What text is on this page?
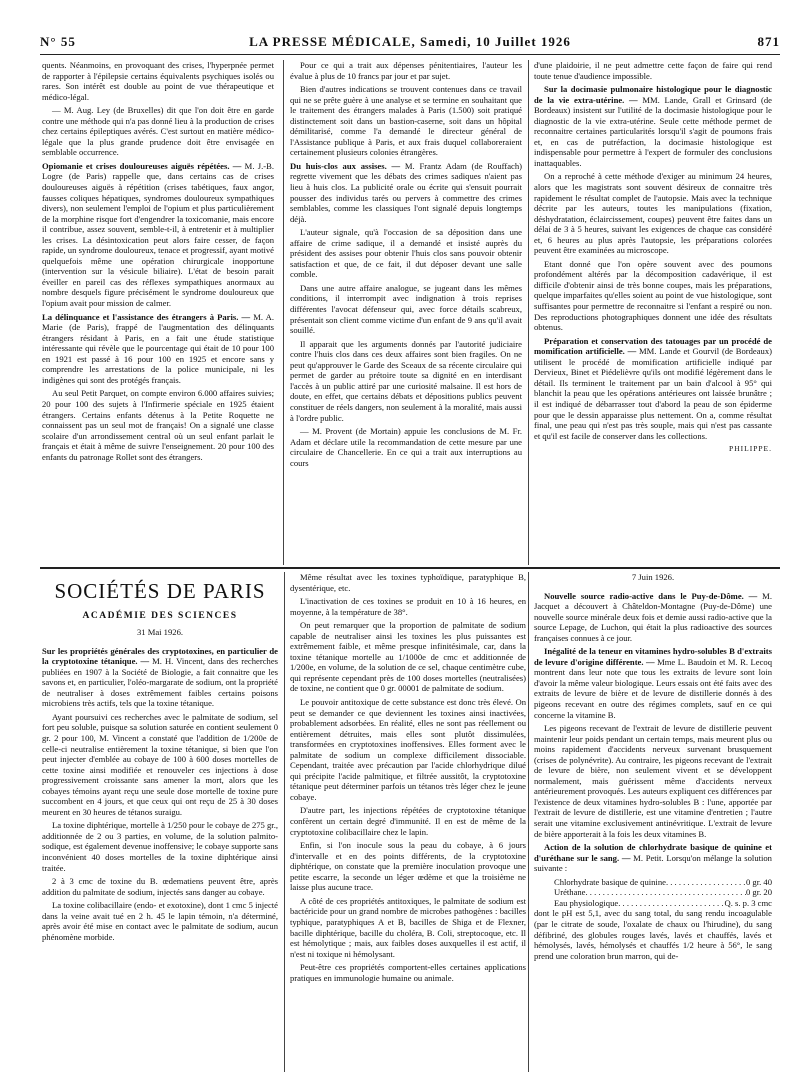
N° 55	LA PRESSE MÉDICALE, Samedi, 10 Juillet 1926	871

quents. Néanmoins, en provoquant des crises, l'hyperpnée permet de rapporter à l'épilepsie certains équivalents psychiques isolés ou rares. Son intérêt est double au point de vue thérapeutique et médico-légal.

— M. Aug. Ley (de Bruxelles) dit que l'on doit être en garde contre une méthode qui n'a pas donné lieu à la production de crises chez certains épileptiques avérés. C'est surtout en matière médico-légale que la plus grande prudence doit être envisagée en semblable occurrence.

Opiomanie et crises douloureuses aiguës répétées. — M. J.-B. Logre (de Paris) rappelle que, dans certains cas de crises douloureuses aiguës à répétition (crises tabétiques, faux angor, fausses coliques hépatiques, syndromes douloureux sympathiques divers), non seulement l'emploi de l'opium et plus particulièrement de la morphine risque fort d'engendrer la toxicomanie, mais encore il contribue, assez souvent, semble-t-il, à entretenir et à multiplier les crises. La désintoxication peut alors faire cesser, de façon rapide, un syndrome douloureux, tenace et progressif, ayant motivé quelquefois même une opération chirurgicale inopportune (intervention sur la vésicule biliaire). L'état de besoin parait éveiller en pareil cas des réflexes sympathiques anormaux au nombre desquels figure précisément le syndrome douloureux que l'opium avait pour mission de calmer.

La délinquance et l'assistance des étrangers à Paris. — M. A. Marie (de Paris), frappé de l'augmentation des délinquants étrangers résidant à Paris, en a fait une étude statistique intéressante qui révèle que le pourcentage qui était de 10 pour 100 en 1921 est passé à 16 pour 100 en 1925 et encore sans y comprendre les arrestations de la police municipale, ni les indigènes qui sont des protégés français.

Au seul Petit Parquet, on compte environ 6.000 affaires suivies; 20 pour 100 des sujets à l'Infirmerie spéciale en 1925 étaient étrangers. Certains enfants détenus à la Petite Roquette ne connaissent pas un seul mot de français! On a signalé une classe scolaire d'un arrondissement central où un seul enfant parlait le français et était à même de suivre l'enseignement. 20 pour 100 des enfants du patronage Rollet sont des étrangers.

Pour ce qui a trait aux dépenses pénitentiaires, l'auteur les évalue à plus de 10 francs par jour et par sujet.

Bien d'autres indications se trouvent contenues dans ce travail qui ne se prête guère à une analyse et se termine en souhaitant que le traitement des étrangers malades à Paris (1.500) soit pratiqué distinctement soit dans un bastion-caserne, soit dans un hôpital démilitarisé, comme l'a demandé le directeur général de l'Assistance publique à Paris, et aux frais duquel collaboreraient certainement plusieurs colonies étrangères.

Du huis-clos aux assises. — M. Frantz Adam (de Rouffach) regrette vivement que les débats des crimes sadiques n'aient pas lieu à huis clos. La publicité orale ou écrite qui s'ensuit pourrait pousser des individus tarés ou pervers à commettre des crimes semblables, comme les classiques l'ont signalé depuis longtemps déjà.

L'auteur signale, qu'à l'occasion de sa déposition dans une affaire de crime sadique, il a demandé et insisté auprès du président des assises pour obtenir l'huis clos sans pouvoir obtenir satisfaction et que, de ce fait, il dut déposer devant une salle comble.

Dans une autre affaire analogue, se jugeant dans les mêmes conditions, il interrompit avec indignation à trois reprises différentes l'avocat défenseur qui, avec force détails scabreux, présentait son client comme victime d'un enfant de 9 ans qu'il avait souillé.

Il apparait que les arguments donnés par l'autorité judiciaire contre l'huis clos dans ces deux affaires sont bien fragiles. On ne peut qu'approuver le Garde des Sceaux de sa récente circulaire qui permet de garder au prétoire toute sa dignité en en interdisant l'accès à un public attiré par une curiosité malsaine. Il est hors de doute, en effet, que certains débats et dépositions publics peuvent constituer de réels dangers, non seulement à la moralité, mais aussi à l'ordre public.

— M. Provent (de Mortain) appuie les conclusions de M. Fr. Adam et déclare utile la recommandation de cette mesure par une circulaire de Chancellerie. En ce qui a trait aux interruptions au cours

d'une plaidoirie, il ne peut admettre cette façon de faire qui rend toute tenue d'audience impossible.

Sur la docimasie pulmonaire histologique pour le diagnostic de la vie extra-utérine. — MM. Lande, Grall et Grinsard (de Bordeaux) insistent sur l'utilité de la docimasie histologique pour le diagnostic de la vie extra-utérine. Seule cette méthode permet de reconnaitre certaines particularités lorsqu'il s'agit de poumons frais et, en cas de putréfaction, la docimasie histologique est indispensable pour permettre à l'expert de formuler des conclusions inattaquables.

On a reproché à cette méthode d'exiger au minimum 24 heures, alors que les magistrats sont souvent désireux de connaitre très rapidement le résultat complet de l'autopsie. Mais avec la technique décrite par les auteurs, toutes les manipulations (fixation, déshydratation, éclaircissement, coupes) peuvent être faites dans un délai de 3 à 5 heures, suivant les exigences de chaque cas considéré et, 6 heures au plus après l'autopsie, les préparations colorées peuvent être examinées au microscope.

Etant donné que l'on opère souvent avec des poumons profondément altérés par la décomposition cadavérique, il est difficile d'obtenir ainsi de très bonne coupes, mais les préparations, quelque imparfaites qu'elles soient au point de vue histologique, sont suffisantes pour permettre de reconnaitre si l'enfant a respiré ou non. Des reproductions photographiques donnent une idée des résultats obtenus.

Préparation et conservation des tatouages par un procédé de momification artificielle. — MM. Lande et Gourvil (de Bordeaux) utilisent le procédé de momification artificielle indiqué par Dervieux, Binet et Piédelièvre qu'ils ont modifié légèrement dans le détail. Ils terminent le traitement par un bain d'alcool à 95° qui blanchit la peau que les opérations antérieures ont laissée brunâtre ; il est indiqué de débarrasser tout d'abord la peau de son épiderme pour que le dessin apparaisse plus nettement. On a, comme résultat final, une peau qui n'est pas très souple, mais qui n'est pas cassante et qu'il est facile de conserver dans les collections.

PHILIPPE.
SOCIÉTÉS DE PARIS
ACADÉMIE DES SCIENCES
31 Mai 1926.

Sur les propriétés générales des cryptotoxines, en particulier de la cryptotoxine tétanique. — M. H. Vincent, dans des recherches publiées en 1907 à la Société de Biologie, a fait connaitre que les savons et, en particulier, l'oléo-margarate de sodium, ont la propriété de neutraliser à doses extrêmement faibles certains poisons microbiens très actifs, tels que la toxine tétanique.

Ayant poursuivi ces recherches avec le palmitate de sodium, sel fort peu soluble, puisque sa solution saturée en contient seulement 0 gr. 2 pour 100, M. Vincent a constaté que l'addition de 1/200e de celle-ci neutralise entièrement la toxine tétanique, si bien que l'on peut injecter d'emblée au cobaye de 100 à 600 doses mortelles de cette toxine ainsi modifiée et renouveler ces injections à dose progressivement croissante sans amener la mort, alors que les cobayes témoins ayant reçu une seule dose mortelle de toxine pure succombent en 4 jours, et que ceux qui ont reçu de 25 à 30 doses meurent en 30 heures de tétanos suraigu.

La toxine diphtérique, mortelle à 1/250 pour le cobaye de 275 gr., additionnée de 2 ou 3 parties, en volume, de la solution palmito-sodique, est également devenue inoffensive; le cobaye supporte sans inconvénient 40 doses mortelles de la toxine diphtérique ainsi traitée.

2 à 3 cmc de toxine du B. œdematiens peuvent être, après addition du palmitate de sodium, injectés sans danger au cobaye.

La toxine colibacillaire (endo- et exotoxine), dont 1 cmc 5 injecté dans la veine avait tué en 2 h. 45 le lapin témoin, n'a déterminé, après avoir été mise en contact avec le palmitate de sodium, aucun phénomène morbide.

Même résultat avec les toxines typhoïdique, paratyphique B, dysentérique, etc.

L'inactivation de ces toxines se produit en 10 à 16 heures, en moyenne, à la température de 38°.

On peut remarquer que la proportion de palmitate de sodium capable de neutraliser ainsi les toxines les plus puissantes est extrêmement faible, et même presque infinitésimale, car, dans la toxine tétanique mortelle au 1/1000e de cmc et additionnée de 1/200e, en volume, de la solution de ce sel, chaque centimètre cube, qui représente cependant près de 100 doses mortelles (neutralisées) de toxine, ne contient que 0 gr. 00001 de palmitate de sodium.

Le pouvoir antitoxique de cette substance est donc très élevé. On peut se demander ce que deviennent les toxines ainsi inactivées, probablement adsorbées. En réalité, elles ne sont pas réellement ou entièrement détruites, mais elles sont plutôt dissimulées, transformées en cryptotoxines inoffensives. Elles forment avec le palmitate de sodium un complexe difficilement dissociable. Cependant, traitée avec précaution par l'acide chlorhydrique dilué qui précipite l'acide palmitique, et filtrée aussitôt, la cryptotoxine tétanique peut déterminer parfois un tétanos très léger chez le jeune cobaye.

D'autre part, les injections répétées de cryptotoxine tétanique confèrent un certain degré d'immunité. Il en est de même de la cryptotoxine colibacillaire chez le lapin.

Enfin, si l'on inocule sous la peau du cobaye, à 6 jours d'intervalle et en des points différents, de la cryptotoxine diphtérique, on constate que la première inoculation provoque une petite escarre, la seconde un léger œdème et que la troisième ne laisse plus aucune trace.

A côté de ces propriétés antitoxiques, le palmitate de sodium est bactéricide pour un grand nombre de microbes pathogènes : bacilles typhique, paratyphiques A et B, bacilles de Shiga et de Flexner, bacille diphtérique, bacille du choléra, B. Coli, streptocoque, etc. Il est hémolytique ; mais, aux faibles doses auxquelles il est actif, il n'est ni toxique ni hémolysant.

Peut-être ces propriétés comportent-elles certaines applications pratiques en immunologie humaine ou animale.

7 Juin 1926.

Nouvelle source radio-active dans le Puy-de-Dôme. — M. Jacquet a découvert à Châteldon-Montagne (Puy-de-Dôme) une nouvelle source minérale deux fois et demie aussi radio-active que la source Lepage, de Luchon, qui était la plus radioactive des sources françaises connues à ce jour.

Inégalité de la teneur en vitamines hydro-solubles B d'extraits de levure d'origine différente. — Mme L. Baudoin et M. R. Lecoq montrent dans leur note que tous les extraits de levure sont loin d'avoir la même valeur biologique. Leurs essais ont été faits avec des extraits de levure de bière et de levure de distillerie donnés à des pigeons recevant en outre des régimes complets, sauf en ce qui concerne la vitamine B.

Les pigeons recevant de l'extrait de levure de distillerie peuvent maintenir leur poids pendant un certain temps, mais meurent plus ou moins rapidement d'accidents nerveux survenant brusquement (crises de polynévrite). Au contraire, les pigeons recevant de l'extrait de levure de bière, non seulement vivent et se développent normalement, mais guérissent même d'accidents nerveux antérieurement provoqués. Les auteurs expliquent ces différences par l'existence de deux vitamines hydro-solubles B : l'une, apportée par l'extrait de levure de distillerie, est une vitamine d'entretien ; l'autre serait une vitamine exclusivement antinévritique. L'extrait de levure de bière apporterait à la fois les deux vitamines B.

Action de la solution de chlorhydrate basique de quinine et d'uréthane sur le sang. — M. Petit. Lorsqu'on mélange la solution suivante :

Chlorhydrate basique de quinine . . .	0 gr. 40
Uréthane . . .	0 gr. 20
Eau physiologique . . .	Q. s. p. 3 cmc

dont le pH est 5,1, avec du sang total, du sang rendu incoagulable (par le citrate de soude, l'oxalate de chaux ou l'hirudine), du sang défibriné, des globules rouges lavés, lavés et chauffés, lavés et hémolysés, lavés, hémolysés et chauffés 1/2 heure à 56°, le sang prend une coloration brun marron, qui de-
